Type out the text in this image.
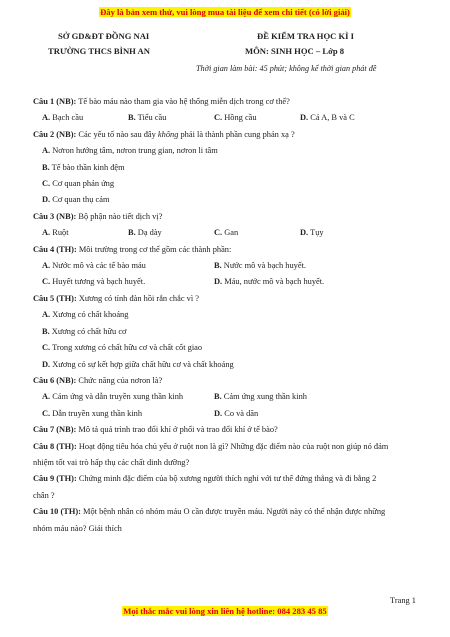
Đây là bản xem thử, vui lòng mua tài liệu để xem chi tiết (có lời giải)
SỞ GD&ĐT ĐỒNG NAI
TRƯỜNG THCS BÌNH AN
ĐỀ KIỂM TRA HỌC KÌ I
MÔN: SINH HỌC – Lớp 8
Thời gian làm bài: 45 phút; không kể thời gian phát đề
Câu 1 (NB): Tế bào máu nào tham gia vào hệ thống miễn dịch trong cơ thể?
A. Bạch cầu	B. Tiểu cầu	C. Hồng cầu	D. Cả A, B và C
Câu 2 (NB): Các yếu tố nào sau đây không phải là thành phần cung phản xạ ?
A. Nơron hướng tâm, nơron trung gian, nơron li tâm
B. Tế bào thần kinh đệm
C. Cơ quan phản ứng
D. Cơ quan thụ cảm
Câu 3 (NB): Bộ phận nào tiết dịch vị?
A. Ruột	B. Dạ dày	C. Gan	D. Tụy
Câu 4 (TH): Môi trường trong cơ thể gồm các thành phần:
A. Nước mô và các tế bào máu	B. Nước mô và bạch huyết.
C. Huyết tương và bạch huyết.	D. Máu, nước mô và bạch huyết.
Câu 5 (TH): Xương có tính đàn hồi rắn chắc vì ?
A. Xương có chất khoáng
B. Xương có chất hữu cơ
C. Trong xương có chất hữu cơ và chất cốt giao
D. Xương có sự kết hợp giữa chất hữu cơ và chất khoáng
Câu 6 (NB): Chức năng của nơron là?
A. Cảm ứng và dẫn truyền xung thần kinh	B. Cảm ứng xung thần kinh
C. Dẫn truyền xung thần kinh	D. Co và dãn
Câu 7 (NB): Mô tả quá trình trao đổi khí ở phổi và trao đổi khí ở tế bào?
Câu 8 (TH): Hoạt động tiêu hóa chủ yếu ở ruột non là gì? Những đặc điểm nào của ruột non giúp nó đảm
nhiệm tốt vai trò hấp thụ các chất dinh dưỡng?
Câu 9 (TH): Chứng minh đặc điểm của bộ xương người thích nghi với tư thế đứng thẳng và đi bằng 2
chân ?
Câu 10 (TH): Một bệnh nhân có nhóm máu O cần được truyền máu. Người này có thể nhận được những
nhóm máu nào? Giải thích
Trang 1
Mọi thắc mắc vui lòng xin liên hệ hotline: 084 283 45 85
